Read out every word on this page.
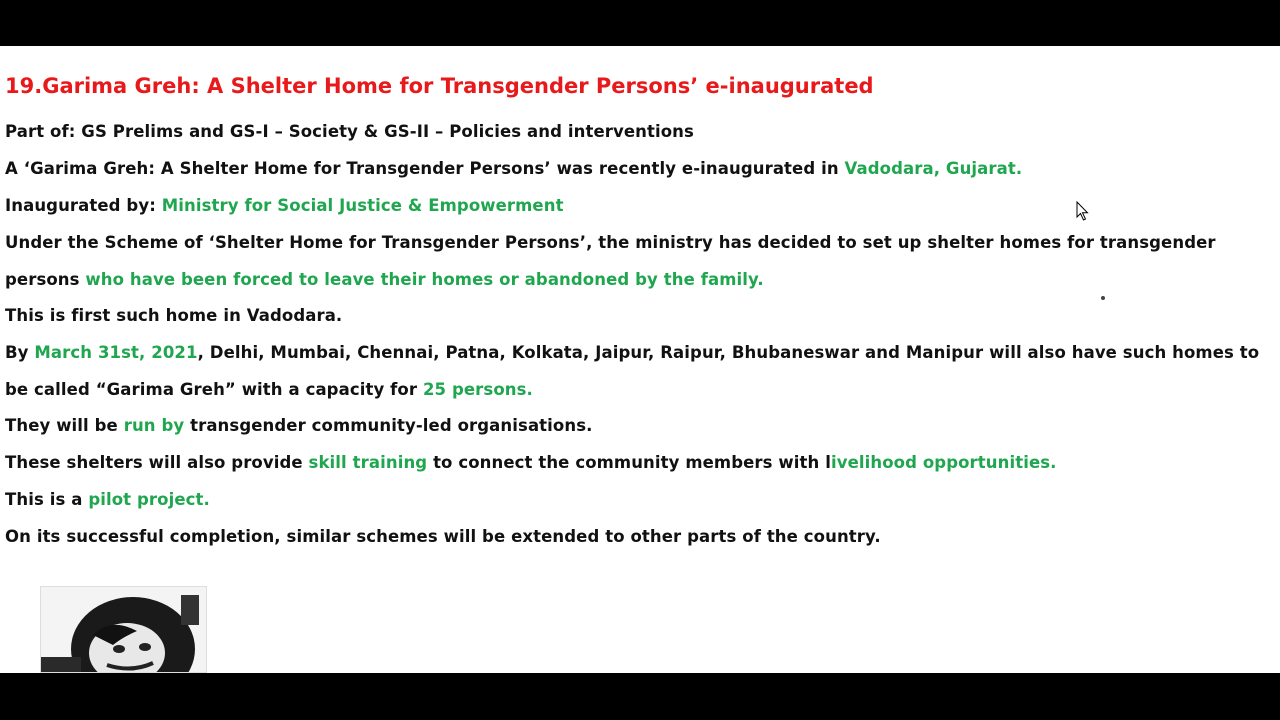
19.Garima Greh: A Shelter Home for Transgender Persons’ e-inaugurated

Part of: GS Prelims and GS-I – Society & GS-II – Policies and interventions

A ‘Garima Greh: A Shelter Home for Transgender Persons’ was recently e-inaugurated in Vadodara, Gujarat.

Inaugurated by: Ministry for Social Justice & Empowerment

Under the Scheme of ‘Shelter Home for Transgender Persons’, the ministry has decided to set up shelter homes for transgender

persons who have been forced to leave their homes or abandoned by the family.

This is first such home in Vadodara.

By March 31st, 2021, Delhi, Mumbai, Chennai, Patna, Kolkata, Jaipur, Raipur, Bhubaneswar and Manipur will also have such homes to

be called “Garima Greh” with a capacity for 25 persons.

They will be run by transgender community-led organisations.

These shelters will also provide skill training to connect the community members with livelihood opportunities.

This is a pilot project.

On its successful completion, similar schemes will be extended to other parts of the country.
